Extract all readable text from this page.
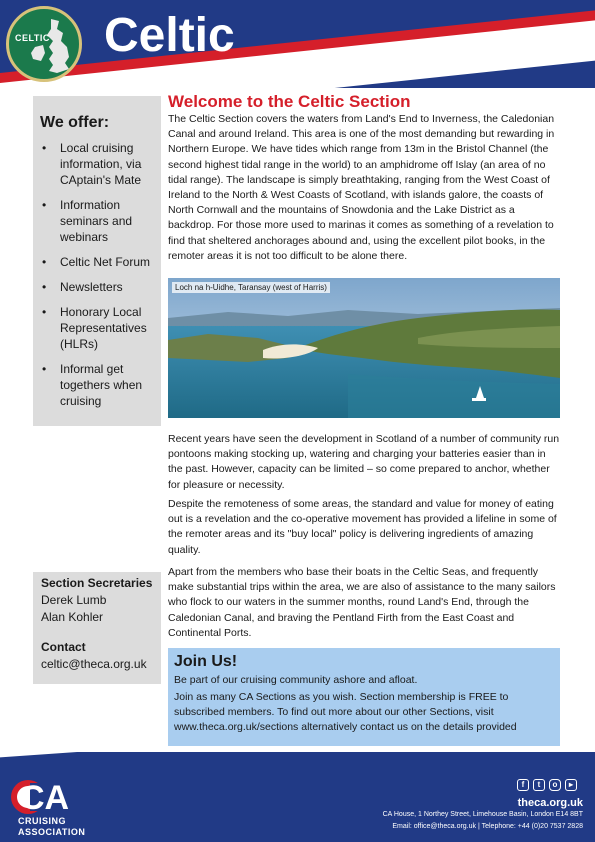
CELTIC Celtic
We offer:
• Local cruising information, via CAptain's Mate
• Information seminars and webinars
• Celtic Net Forum
• Newsletters
• Honorary Local Representatives (HLRs)
• Informal get togethers when cruising
Section Secretaries
Derek Lumb
Alan Kohler
Contact
celtic@theca.org.uk
Welcome to the Celtic Section

The Celtic Section covers the waters from Land's End to Inverness, the Caledonian Canal and around Ireland. This area is one of the most demanding but rewarding in Northern Europe. We have tides which range from 13m in the Bristol Channel (the second highest tidal range in the world) to an amphidrome off Islay (an area of no tidal range). The landscape is simply breathtaking, ranging from the West Coast of Ireland to the North & West Coasts of Scotland, with islands galore, the coasts of North Cornwall and the mountains of Snowdonia and the Lake District as a backdrop. For those more used to marinas it comes as something of a revelation to find that sheltered anchorages abound and, using the excellent pilot books, in the remoter areas it is not too difficult to be alone there.

Loch na h-Uidhe, Taransay (west of Harris)

Recent years have seen the development in Scotland of a number of community run pontoons making stocking up, watering and charging your batteries easier than in the past. However, capacity can be limited – so come prepared to anchor, whether for pleasure or necessity.

Despite the remoteness of some areas, the standard and value for money of eating out is a revelation and the co-operative movement has provided a lifeline in some of the remoter areas and its "buy local" policy is delivering ingredients of amazing quality.

Apart from the members who base their boats in the Celtic Seas, and frequently make substantial trips within the area, we are also of assistance to the many sailors who flock to our waters in the summer months, round Land's End, through the Caledonian Canal, and braving the Pentland Firth from the East Coast and Continental Ports.

Join Us!
Be part of our cruising community ashore and afloat.

Join as many CA Sections as you wish. Section membership is FREE to subscribed members. To find out more about our other Sections, visit www.theca.org.uk/sections alternatively contact us on the details provided

CA
CRUISING
ASSOCIATION
f	t	o	▸
theca.org.uk
CA House, 1 Northey Street, Limehouse Basin, London E14 8BT
Email: office@theca.org.uk | Telephone: +44 (0)20 7537 2828
